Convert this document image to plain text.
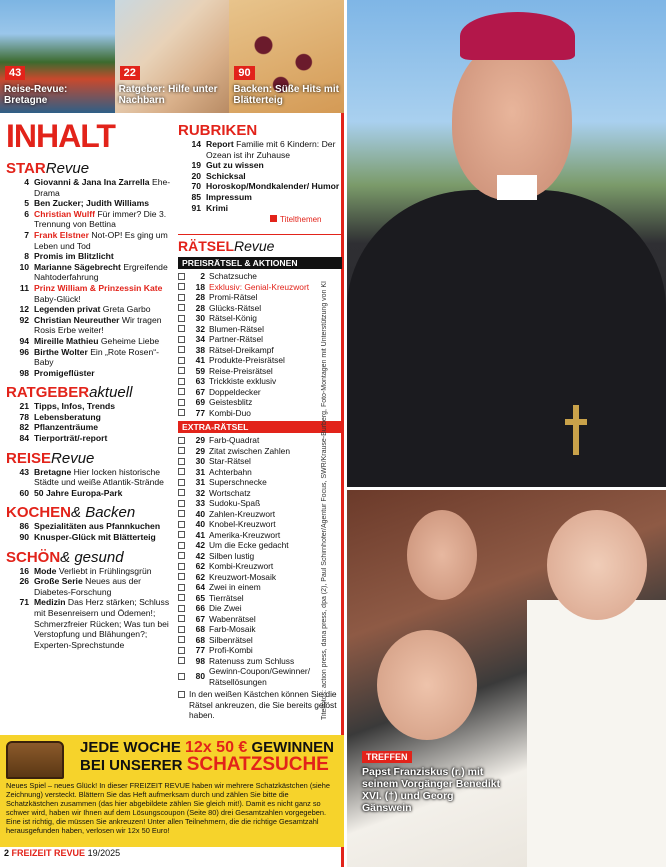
43
Reise-Revue: Bretagne
22
Ratgeber: Hilfe unter Nachbarn
90
Backen: Süße Hits mit Blätterteig
INHALT
STARRevue
4 Giovanni & Jana Ina Zarrella Ehe-Drama
5 Ben Zucker; Judith Williams
6 Christian Wulff Für immer? Die 3. Trennung von Bettina
7 Frank Elstner Not-OP! Es ging um Leben und Tod
8 Promis im Blitzlicht
10 Marianne Sägebrecht Ergreifende Nahtoderfahrung
11 Prinz William & Prinzessin Kate Baby-Glück!
12 Legenden privat Greta Garbo
92 Christian Neureuther Wir tragen Rosis Erbe weiter!
94 Mireille Mathieu Geheime Liebe
96 Birthe Wolter Ein „Rote Rosen“-Baby
98 Promigeflüster
RATGEBERaktuell
21 Tipps, Infos, Trends
78 Lebensberatung
82 Pflanzenträume
84 Tierporträt/-report
REISERevue
43 Bretagne Hier locken historische Städte und weiße Atlantik-Strände
60 50 Jahre Europa-Park
KOCHEN& Backen
86 Spezialitäten aus Pfannkuchen
90 Knusper-Glück mit Blätterteig
SCHÖN& gesund
16 Mode Verliebt in Frühlingsgrün
26 Große Serie Neues aus der Diabetes-Forschung
71 Medizin Das Herz stärken; Schluss mit Besenreisern und Ödemen!; Schmerzfreier Rücken; Was tun bei Verstopfung und Blähungen?; Experten-Sprechstunde
RUBRIKEN
14 Report Familie mit 6 Kindern: Der Ozean ist ihr Zuhause
19 Gut zu wissen
20 Schicksal
70 Horoskop/Mondkalender/ Humor
85 Impressum
91 Krimi
Titelthemen
RÄTSELRevue
PREISRÄTSEL & AKTIONEN
2 Schatzsuche
18 Exklusiv: Genial-Kreuzwort
28 Promi-Rätsel
28 Glücks-Rätsel
30 Rätsel-König
32 Blumen-Rätsel
34 Partner-Rätsel
38 Rätsel-Dreikampf
41 Produkte-Preisrätsel
59 Reise-Preisrätsel
63 Trickkiste exklusiv
67 Doppeldecker
69 Geistesblitz
77 Kombi-Duo
EXTRA-RÄTSEL
29 Farb-Quadrat
29 Zitat zwischen Zahlen
30 Star-Rätsel
31 Achterbahn
31 Superschnecke
32 Wortschatz
33 Sudoku-Spaß
40 Zahlen-Kreuzwort
40 Knobel-Kreuzwort
41 Amerika-Kreuzwort
42 Um die Ecke gedacht
42 Silben lustig
62 Kombi-Kreuzwort
62 Kreuzwort-Mosaik
64 Zwei in einem
65 Tierrätsel
66 Die Zwei
67 Wabenrätsel
68 Farb-Mosaik
68 Silbenrätsel
77 Profi-Kombi
98 Ratenuss zum Schluss
80
Gewinn-Coupon/Gewinner/ Rätsellösungen
In den weißen Kästchen können Sie die Rätsel ankreuzen, die Sie bereits gelöst haben.	Titelfotos: action press, dana press, dpa (2), Paul Schirnhofer/Agentur Focus, SWR/Krause-Burberg, Foto-Montagen mit Unterstützung von KI
JEDE WOCHE 12x 50 € GEWINNEN
BEI UNSERER SCHATZSUCHE
Neues Spiel – neues Glück! In dieser FREIZEIT REVUE haben wir mehrere Schatzkästchen (siehe Zeichnung) versteckt. Blättern Sie das Heft aufmerksam durch und zählen Sie bitte die Schatzkästchen zusammen (das hier abgebildete zählen Sie gleich mit!). Damit es nicht ganz so schwer wird, haben wir Ihnen auf dem Lösungscoupon (Seite 80) drei Gesamtzahlen vorgegeben. Eine ist richtig, die müssen Sie ankreuzen! Unter allen Teilnehmern, die die richtige Gesamtzahl herausgefunden haben, verlosen wir 12x 50 Euro!
2 FREIZEIT REVUE 19/2025
TREFFEN
Papst Franziskus (r.) mit seinem Vorgänger Benedikt XVI. (†) und Georg Gänswein
